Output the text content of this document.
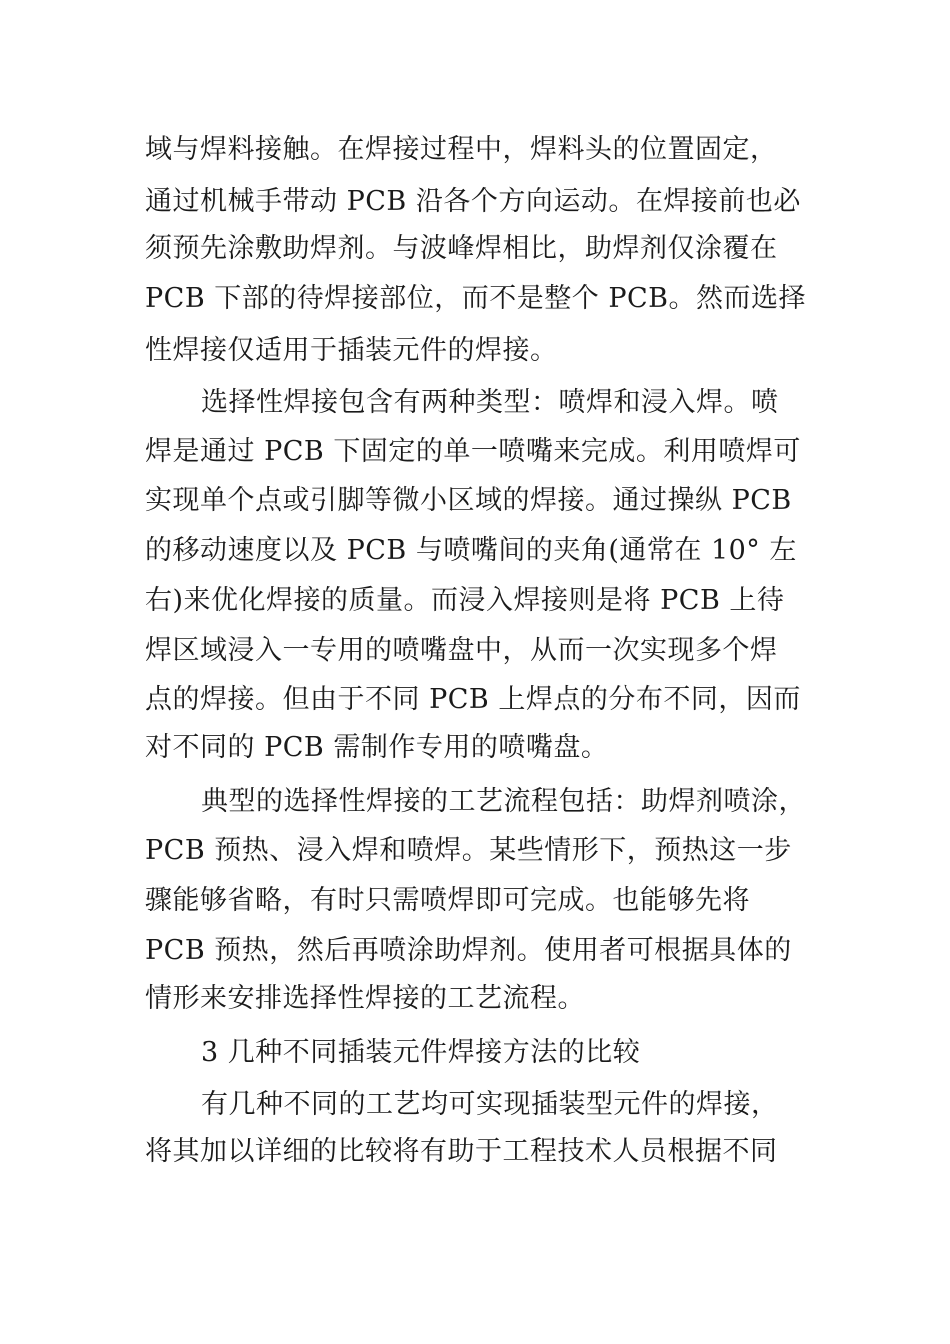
域与焊料接触。在焊接过程中，焊料头的位置固定，
通过机械手带动 PCB 沿各个方向运动。在焊接前也必
须预先涂敷助焊剂。与波峰焊相比，助焊剂仅涂覆在
PCB 下部的待焊接部位，而不是整个 PCB。然而选择
性焊接仅适用于插装元件的焊接。
选择性焊接包含有两种类型：喷焊和浸入焊。喷
焊是通过 PCB 下固定的单一喷嘴来完成。利用喷焊可
实现单个点或引脚等微小区域的焊接。通过操纵 PCB
的移动速度以及 PCB 与喷嘴间的夹角(通常在 10° 左
右)来优化焊接的质量。而浸入焊接则是将 PCB 上待
焊区域浸入一专用的喷嘴盘中，从而一次实现多个焊
点的焊接。但由于不同 PCB 上焊点的分布不同，因而
对不同的 PCB 需制作专用的喷嘴盘。
典型的选择性焊接的工艺流程包括：助焊剂喷涂，
PCB 预热、浸入焊和喷焊。某些情形下，预热这一步
骤能够省略，有时只需喷焊即可完成。也能够先将
PCB 预热，然后再喷涂助焊剂。使用者可根据具体的
情形来安排选择性焊接的工艺流程。
3 几种不同插装元件焊接方法的比较
有几种不同的工艺均可实现插装型元件的焊接，
将其加以详细的比较将有助于工程技术人员根据不同
